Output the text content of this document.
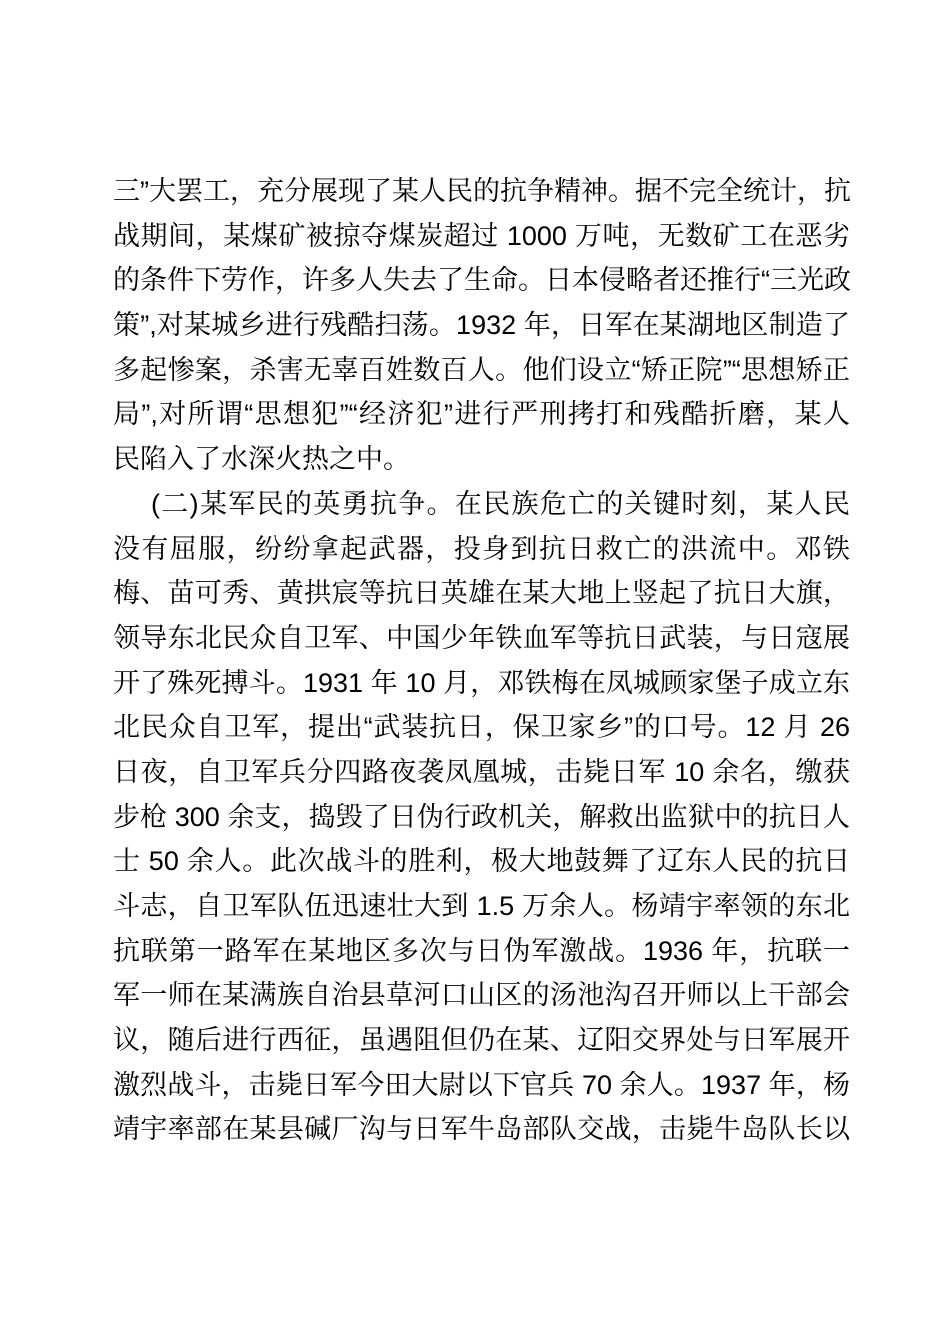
三”大罢工，充分展现了某人民的抗争精神。据不完全统计，抗
战期间，某煤矿被掠夺煤炭超过 1000 万吨，无数矿工在恶劣
的条件下劳作，许多人失去了生命。日本侵略者还推行“三光政
策”,对某城乡进行残酷扫荡。1932 年，日军在某湖地区制造了
多起惨案，杀害无辜百姓数百人。他们设立“矫正院”“思想矫正
局”,对所谓“思想犯”“经济犯”进行严刑拷打和残酷折磨，某人
民陷入了水深火热之中。
(二)某军民的英勇抗争。在民族危亡的关键时刻，某人民
没有屈服，纷纷拿起武器，投身到抗日救亡的洪流中。邓铁
梅、苗可秀、黄拱宸等抗日英雄在某大地上竖起了抗日大旗，
领导东北民众自卫军、中国少年铁血军等抗日武装，与日寇展
开了殊死搏斗。1931 年 10 月，邓铁梅在凤城顾家堡子成立东
北民众自卫军，提出“武装抗日，保卫家乡”的口号。12 月 26
日夜，自卫军兵分四路夜袭凤凰城，击毙日军 10 余名，缴获
步枪 300 余支，捣毁了日伪行政机关，解救出监狱中的抗日人
士 50 余人。此次战斗的胜利，极大地鼓舞了辽东人民的抗日
斗志，自卫军队伍迅速壮大到 1.5 万余人。杨靖宇率领的东北
抗联第一路军在某地区多次与日伪军激战。1936 年，抗联一
军一师在某满族自治县草河口山区的汤池沟召开师以上干部会
议，随后进行西征，虽遇阻但仍在某、辽阳交界处与日军展开
激烈战斗，击毙日军今田大尉以下官兵 70 余人。1937 年，杨
靖宇率部在某县碱厂沟与日军牛岛部队交战，击毙牛岛队长以
